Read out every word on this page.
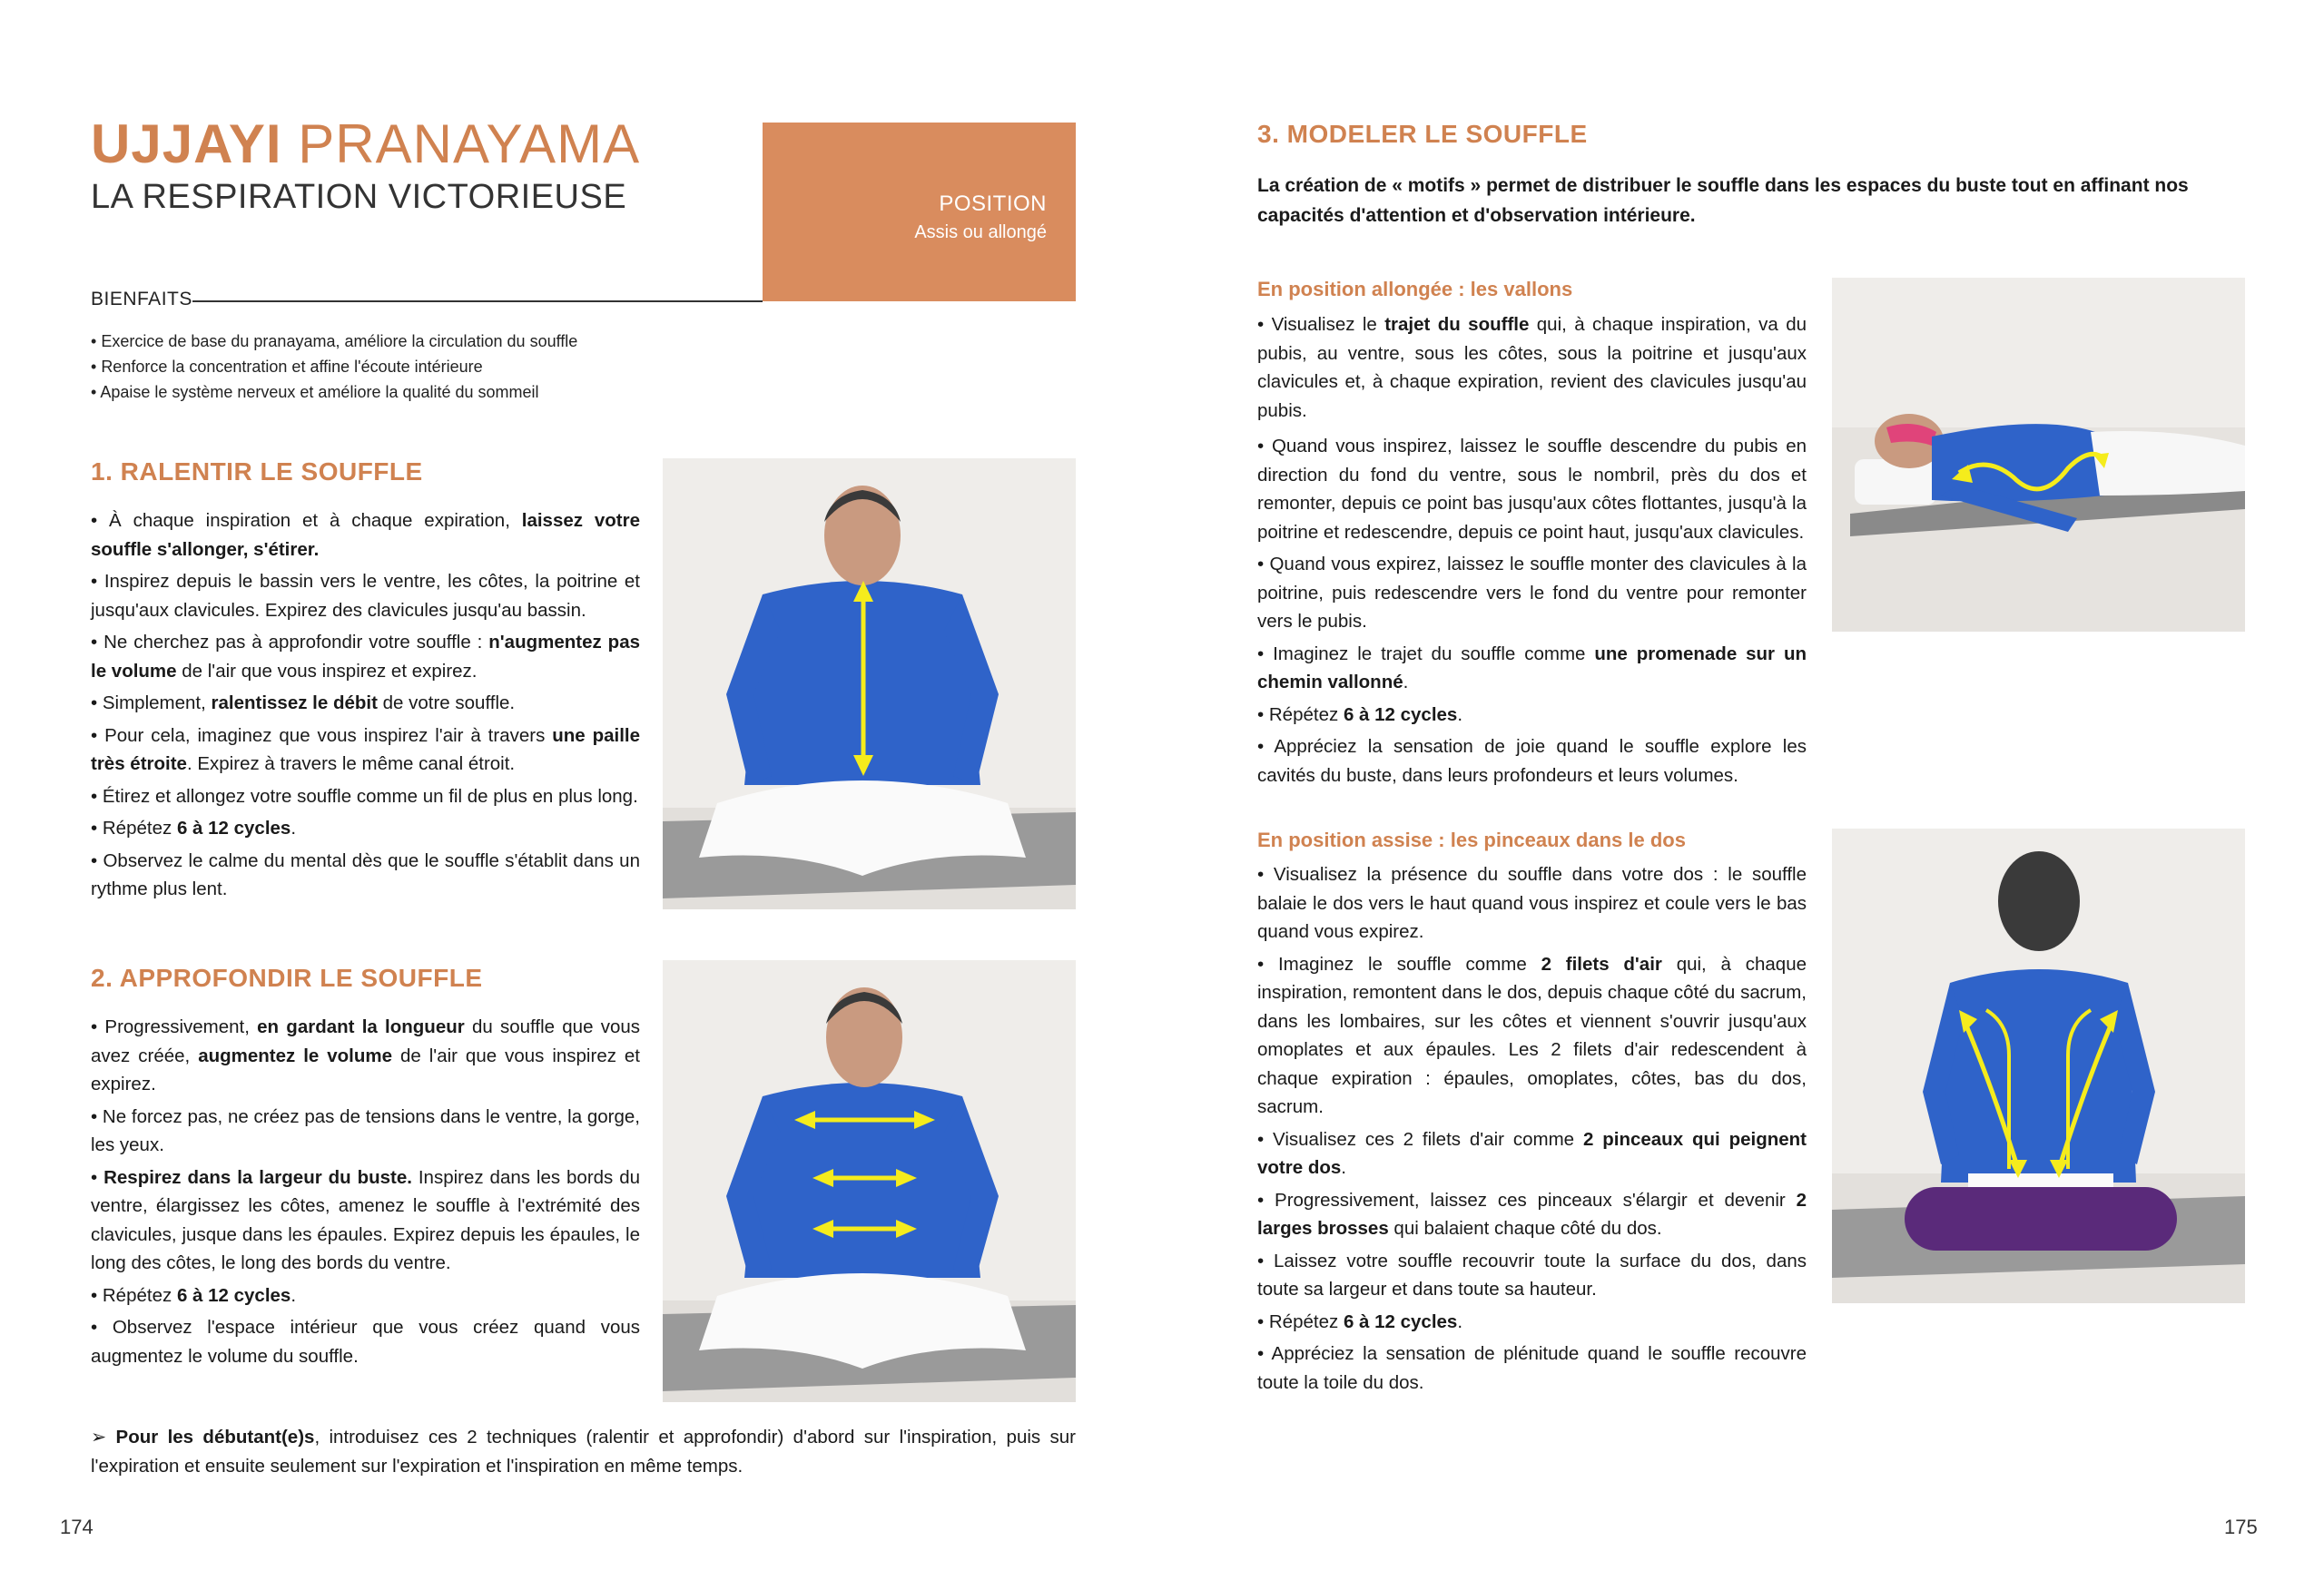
UJJAYI PRANAYAMA
LA RESPIRATION VICTORIEUSE	POSITION
Assis ou allongé
BIENFAITS
• Exercice de base du pranayama, améliore la circulation du souffle
• Renforce la concentration et affine l'écoute intérieure
• Apaise le système nerveux et améliore la qualité du sommeil
1. RALENTIR LE SOUFFLE

• À chaque inspiration et à chaque expiration, laissez votre souffle s'allonger, s'étirer.

• Inspirez depuis le bassin vers le ventre, les côtes, la poitrine et jusqu'aux clavicules. Expirez des clavicules jusqu'au bassin.

• Ne cherchez pas à approfondir votre souffle : n'augmentez pas le volume de l'air que vous inspirez et expirez.

• Simplement, ralentissez le débit de votre souffle.

• Pour cela, imaginez que vous inspirez l'air à travers une paille très étroite. Expirez à travers le même canal étroit.

• Étirez et allongez votre souffle comme un fil de plus en plus long.

• Répétez 6 à 12 cycles.

• Observez le calme du mental dès que le souffle s'établit dans un rythme plus lent.

2. APPROFONDIR LE SOUFFLE

• Progressivement, en gardant la longueur du souffle que vous avez créée, augmentez le volume de l'air que vous inspirez et expirez.

• Ne forcez pas, ne créez pas de tensions dans le ventre, la gorge, les yeux.

• Respirez dans la largeur du buste. Inspirez dans les bords du ventre, élargissez les côtes, amenez le souffle à l'extrémité des clavicules, jusque dans les épaules. Expirez depuis les épaules, le long des côtes, le long des bords du ventre.

• Répétez 6 à 12 cycles.

• Observez l'espace intérieur que vous créez quand vous augmentez le volume du souffle.

➢ Pour les débutant(e)s, introduisez ces 2 techniques (ralentir et approfondir) d'abord sur l'inspiration, puis sur l'expiration et ensuite seulement sur l'expiration et l'inspiration en même temps.
174
3. MODELER LE SOUFFLE
La création de « motifs » permet de distribuer le souffle dans les espaces du buste tout en affinant nos capacités d'attention et d'observation intérieure.
En position allongée : les vallons

• Visualisez le trajet du souffle qui, à chaque inspiration, va du pubis, au ventre, sous les côtes, sous la poitrine et jusqu'aux clavicules et, à chaque expiration, revient des clavicules jusqu'au pubis.

• Quand vous inspirez, laissez le souffle descendre du pubis en direction du fond du ventre, sous le nombril, près du dos et remonter, depuis ce point bas jusqu'aux côtes flottantes, jusqu'à la poitrine et redescendre, depuis ce point haut, jusqu'aux clavicules.

• Quand vous expirez, laissez le souffle monter des clavicules à la poitrine, puis redescendre vers le fond du ventre pour remonter vers le pubis.

• Imaginez le trajet du souffle comme une promenade sur un chemin vallonné.

• Répétez 6 à 12 cycles.

• Appréciez la sensation de joie quand le souffle explore les cavités du buste, dans leurs profondeurs et leurs volumes.

En position assise : les pinceaux dans le dos

• Visualisez la présence du souffle dans votre dos : le souffle balaie le dos vers le haut quand vous inspirez et coule vers le bas quand vous expirez.

• Imaginez le souffle comme 2 filets d'air qui, à chaque inspiration, remontent dans le dos, depuis chaque côté du sacrum, dans les lombaires, sur les côtes et viennent s'ouvrir jusqu'aux omoplates et aux épaules. Les 2 filets d'air redescendent à chaque expiration : épaules, omoplates, côtes, bas du dos, sacrum.

• Visualisez ces 2 filets d'air comme 2 pinceaux qui peignent votre dos.

• Progressivement, laissez ces pinceaux s'élargir et devenir 2 larges brosses qui balaient chaque côté du dos.

• Laissez votre souffle recouvrir toute la surface du dos, dans toute sa largeur et dans toute sa hauteur.

• Répétez 6 à 12 cycles.

• Appréciez la sensation de plénitude quand le souffle recouvre toute la toile du dos.

175
